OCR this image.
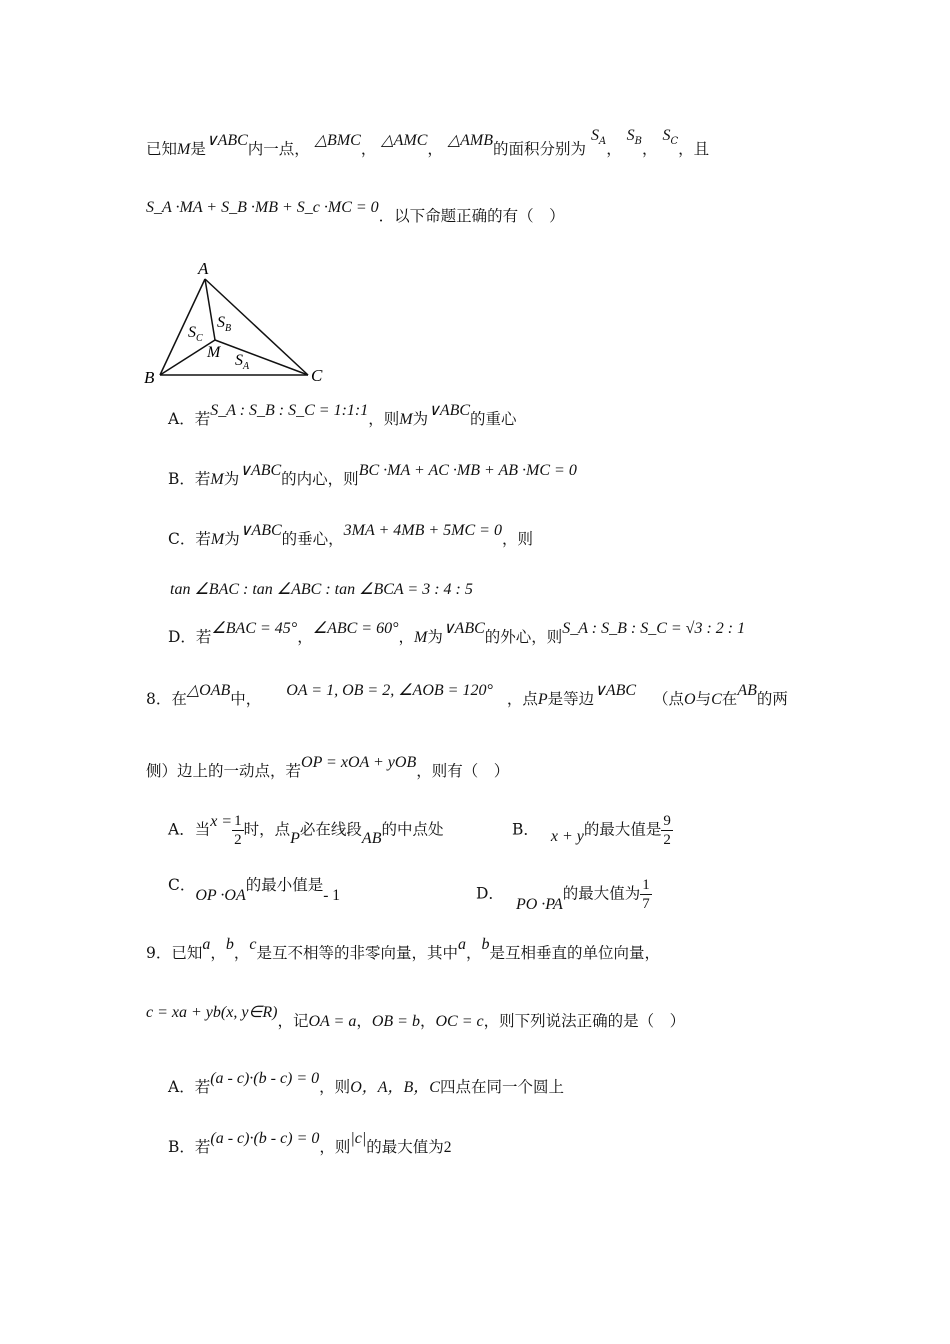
已知M是∨ABC内一点， △BMC， △AMC， △AMB的面积分别为 $S_A$， $S_B$， $S_C$，且
S_A ·MA + S_B ·MB + S_c ·MC = 0．以下命题正确的有（　）
A
B	C
M $S_A$
$S_B$
$S_C$
A．若S_A : S_B : S_C = 1:1:1，则M为∨ABC的重心
B．若M为∨ABC的内心，则BC ·MA + AC ·MB + AB ·MC = 0
C．若M为∨ABC的垂心，3MA + 4MB + 5MC = 0，则
tan ∠BAC : tan ∠ABC : tan ∠BCA = 3 : 4 : 5
D．若∠BAC = 45°，∠ABC = 60°，M为∨ABC的外心，则S_A : S_B : S_C = √3 : 2 : 1
8．在△OAB中， OA = 1, OB = 2, ∠AOB = 120° ，点P是等边∨ABC （点O与C在AB的两
侧）边上的一动点，若OP = xOA + yOB，则有（　）
A．当$x = \frac{1}{2}$ 时，点P必在线段AB的中点处	B． x + y的最大值是 $\frac{9}{2}$
C．OP ·OA的最小值是- 1	D．PO ·PA的最大值为 $\frac{1}{7}$
9．已知a，b，c是互不相等的非零向量，其中a，b是互相垂直的单位向量，
c = xa + yb(x, y∈R)，记OA = a，OB = b，OC = c，则下列说法正确的是（　）
A．若(a - c)·(b - c) = 0，则O，A，B，C四点在同一个圆上
B．若(a - c)·(b - c) = 0，则|c|的最大值为2
